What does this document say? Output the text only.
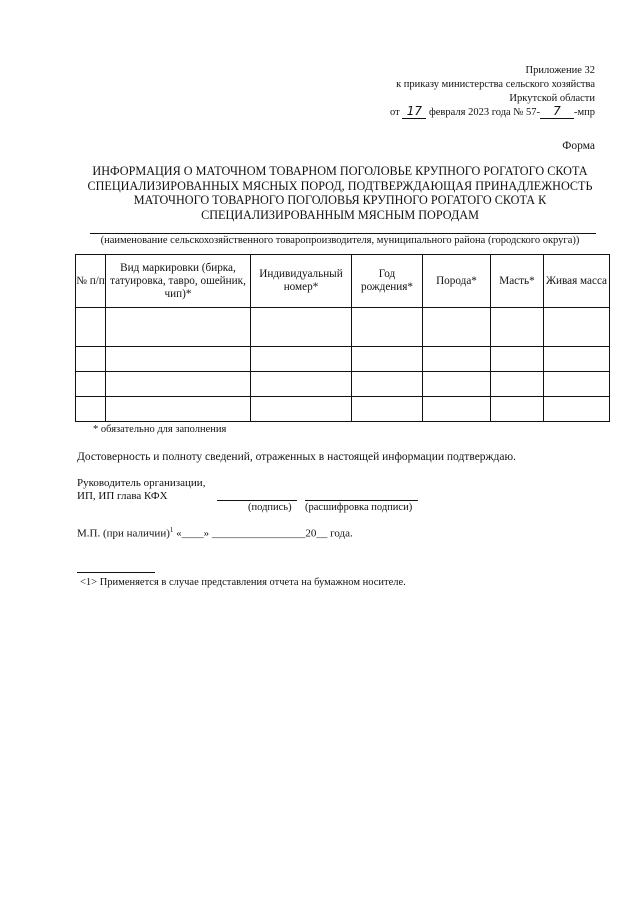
Приложение 32
к приказу министерства сельского хозяйства
Иркутской области
от 17 февраля 2023 года № 57- 7 -мпр
Форма
ИНФОРМАЦИЯ О МАТОЧНОМ ТОВАРНОМ ПОГОЛОВЬЕ КРУПНОГО РОГАТОГО СКОТА СПЕЦИАЛИЗИРОВАННЫХ МЯСНЫХ ПОРОД, ПОДТВЕРЖДАЮЩАЯ ПРИНАДЛЕЖНОСТЬ МАТОЧНОГО ТОВАРНОГО ПОГОЛОВЬЯ КРУПНОГО РОГАТОГО СКОТА К СПЕЦИАЛИЗИРОВАННЫМ МЯСНЫМ ПОРОДАМ
(наименование сельскохозяйственного товаропроизводителя, муниципального района (городского округа))
№ п/п	Вид маркировки (бирка, татуировка, тавро, ошейник, чип)*	Индивидуальный номер*	Год рождения*	Порода*	Масть*	Живая масса

* обязательно для заполнения
Достоверность и полноту сведений, отраженных в настоящей информации подтверждаю.
Руководитель организации,
ИП, ИП глава КФХ
(подпись) (расшифровка подписи)
М.П. (при наличии)$^1$ «____» _________________20__ года.
<1> Применяется в случае представления отчета на бумажном носителе.
